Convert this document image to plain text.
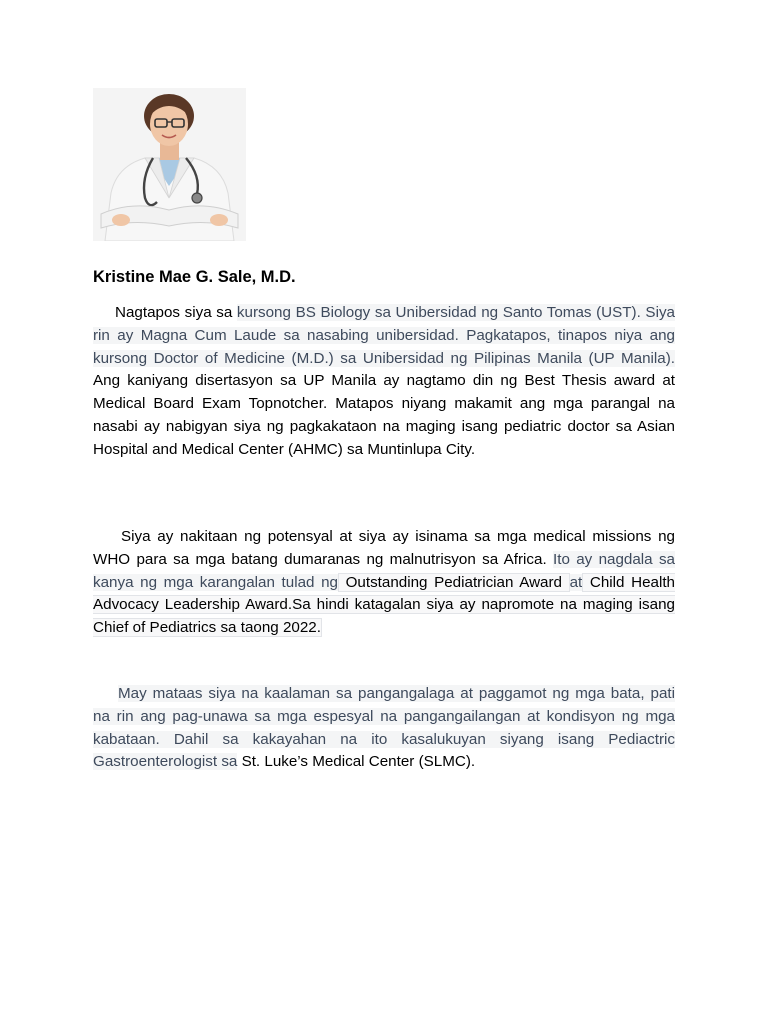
Kristine Mae G. Sale, M.D.

Nagtapos siya sa kursong BS Biology sa Unibersidad ng Santo Tomas (UST). Siya rin ay Magna Cum Laude sa nasabing unibersidad. Pagkatapos, tinapos niya ang kursong Doctor of Medicine (M.D.) sa Unibersidad ng Pilipinas Manila (UP Manila). Ang kaniyang disertasyon sa UP Manila ay nagtamo din ng Best Thesis award at Medical Board Exam Topnotcher. Matapos niyang makamit ang mga parangal na nasabi ay nabigyan siya ng pagkakataon na maging isang pediatric doctor sa Asian Hospital and Medical Center (AHMC) sa Muntinlupa City.

Siya ay nakitaan ng potensyal at siya ay isinama sa mga medical missions ng WHO para sa mga batang dumaranas ng malnutrisyon sa Africa. Ito ay nagdala sa kanya ng mga karangalan tulad ng Outstanding Pediatrician Award at Child Health Advocacy Leadership Award.Sa hindi katagalan siya ay napromote na maging isang Chief of Pediatrics sa taong 2022.

May mataas siya na kaalaman sa pangangalaga at paggamot ng mga bata, pati na rin ang pag-unawa sa mga espesyal na pangangailangan at kondisyon ng mga kabataan. Dahil sa kakayahan na ito kasalukuyan siyang isang Pediactric Gastroenterologist sa St. Luke’s Medical Center (SLMC).
